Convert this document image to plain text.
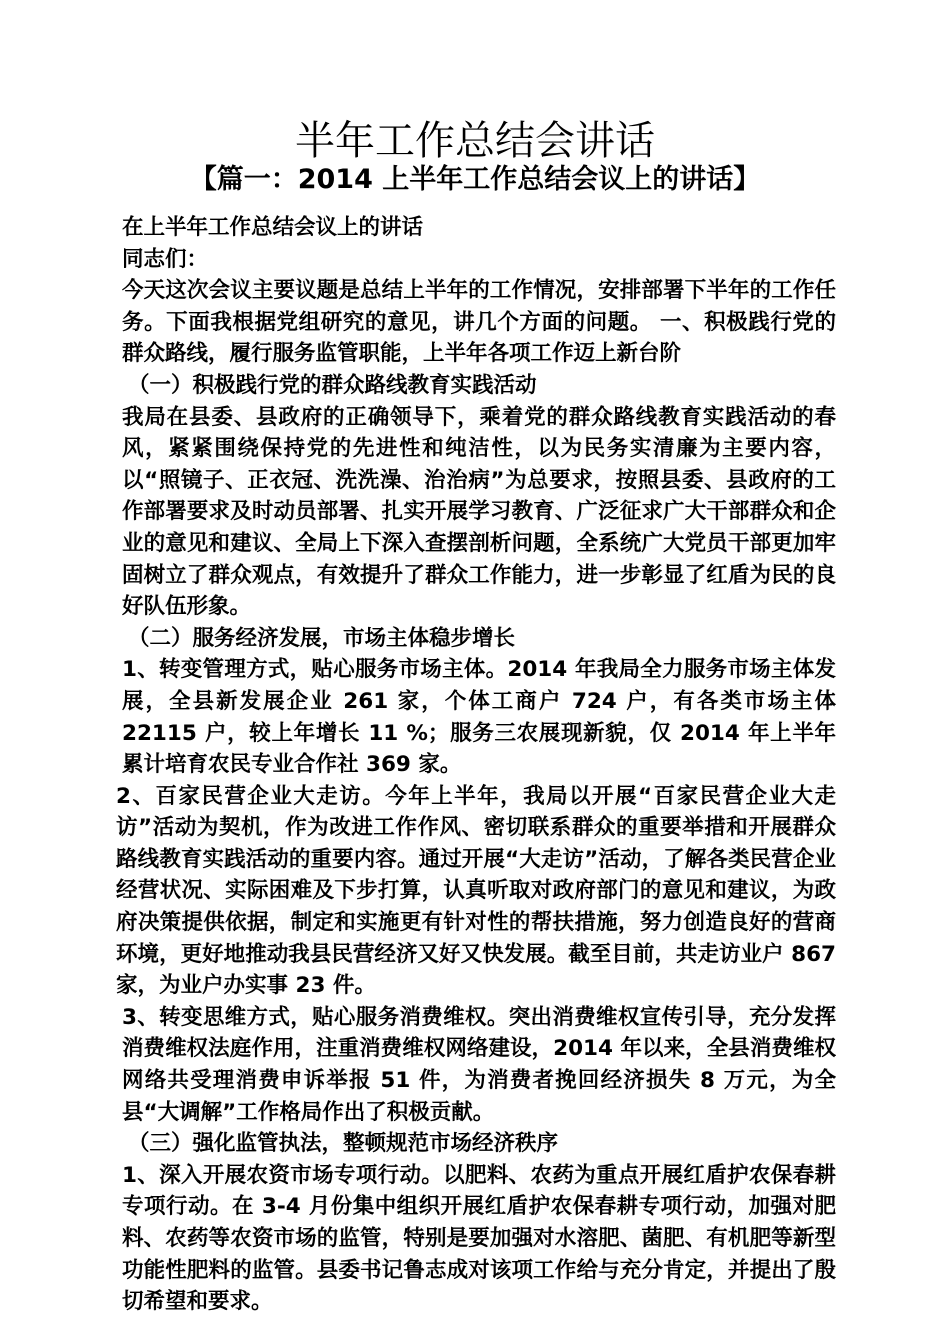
半年工作总结会讲话
【篇一：2014 上半年工作总结会议上的讲话】

在上半年工作总结会议上的讲话

同志们：

今天这次会议主要议题是总结上半年的工作情况，安排部署下半年的工作任务。下面我根据党组研究的意见，讲几个方面的问题。 一、积极践行党的群众路线，履行服务监管职能，上半年各项工作迈上新台阶

（一）积极践行党的群众路线教育实践活动

我局在县委、县政府的正确领导下，乘着党的群众路线教育实践活动的春风，紧紧围绕保持党的先进性和纯洁性，以为民务实清廉为主要内容，以“照镜子、正衣冠、洗洗澡、治治病”为总要求，按照县委、县政府的工作部署要求及时动员部署、扎实开展学习教育、广泛征求广大干部群众和企业的意见和建议、全局上下深入查摆剖析问题，全系统广大党员干部更加牢固树立了群众观点，有效提升了群众工作能力，进一步彰显了红盾为民的良好队伍形象。

（二）服务经济发展，市场主体稳步增长

1、转变管理方式，贴心服务市场主体。2014 年我局全力服务市场主体发展，全县新发展企业 261 家，个体工商户 724 户，有各类市场主体 22115 户，较上年增长 11 %；服务三农展现新貌，仅 2014 年上半年累计培育农民专业合作社 369 家。

2、百家民营企业大走访。今年上半年，我局以开展“百家民营企业大走访”活动为契机，作为改进工作作风、密切联系群众的重要举措和开展群众路线教育实践活动的重要内容。通过开展“大走访”活动，了解各类民营企业经营状况、实际困难及下步打算，认真听取对政府部门的意见和建议，为政府决策提供依据，制定和实施更有针对性的帮扶措施，努力创造良好的营商环境，更好地推动我县民营经济又好又快发展。截至目前，共走访业户 867 家，为业户办实事 23 件。

3、转变思维方式，贴心服务消费维权。突出消费维权宣传引导，充分发挥消费维权法庭作用，注重消费维权网络建设，2014 年以来，全县消费维权网络共受理消费申诉举报 51 件，为消费者挽回经济损失 8 万元，为全县“大调解”工作格局作出了积极贡献。

（三）强化监管执法，整顿规范市场经济秩序

1、深入开展农资市场专项行动。以肥料、农药为重点开展红盾护农保春耕专项行动。在 3-4 月份集中组织开展红盾护农保春耕专项行动，加强对肥料、农药等农资市场的监管，特别是要加强对水溶肥、菌肥、有机肥等新型功能性肥料的监管。县委书记鲁志成对该项工作给与充分肯定，并提出了殷切希望和要求。
